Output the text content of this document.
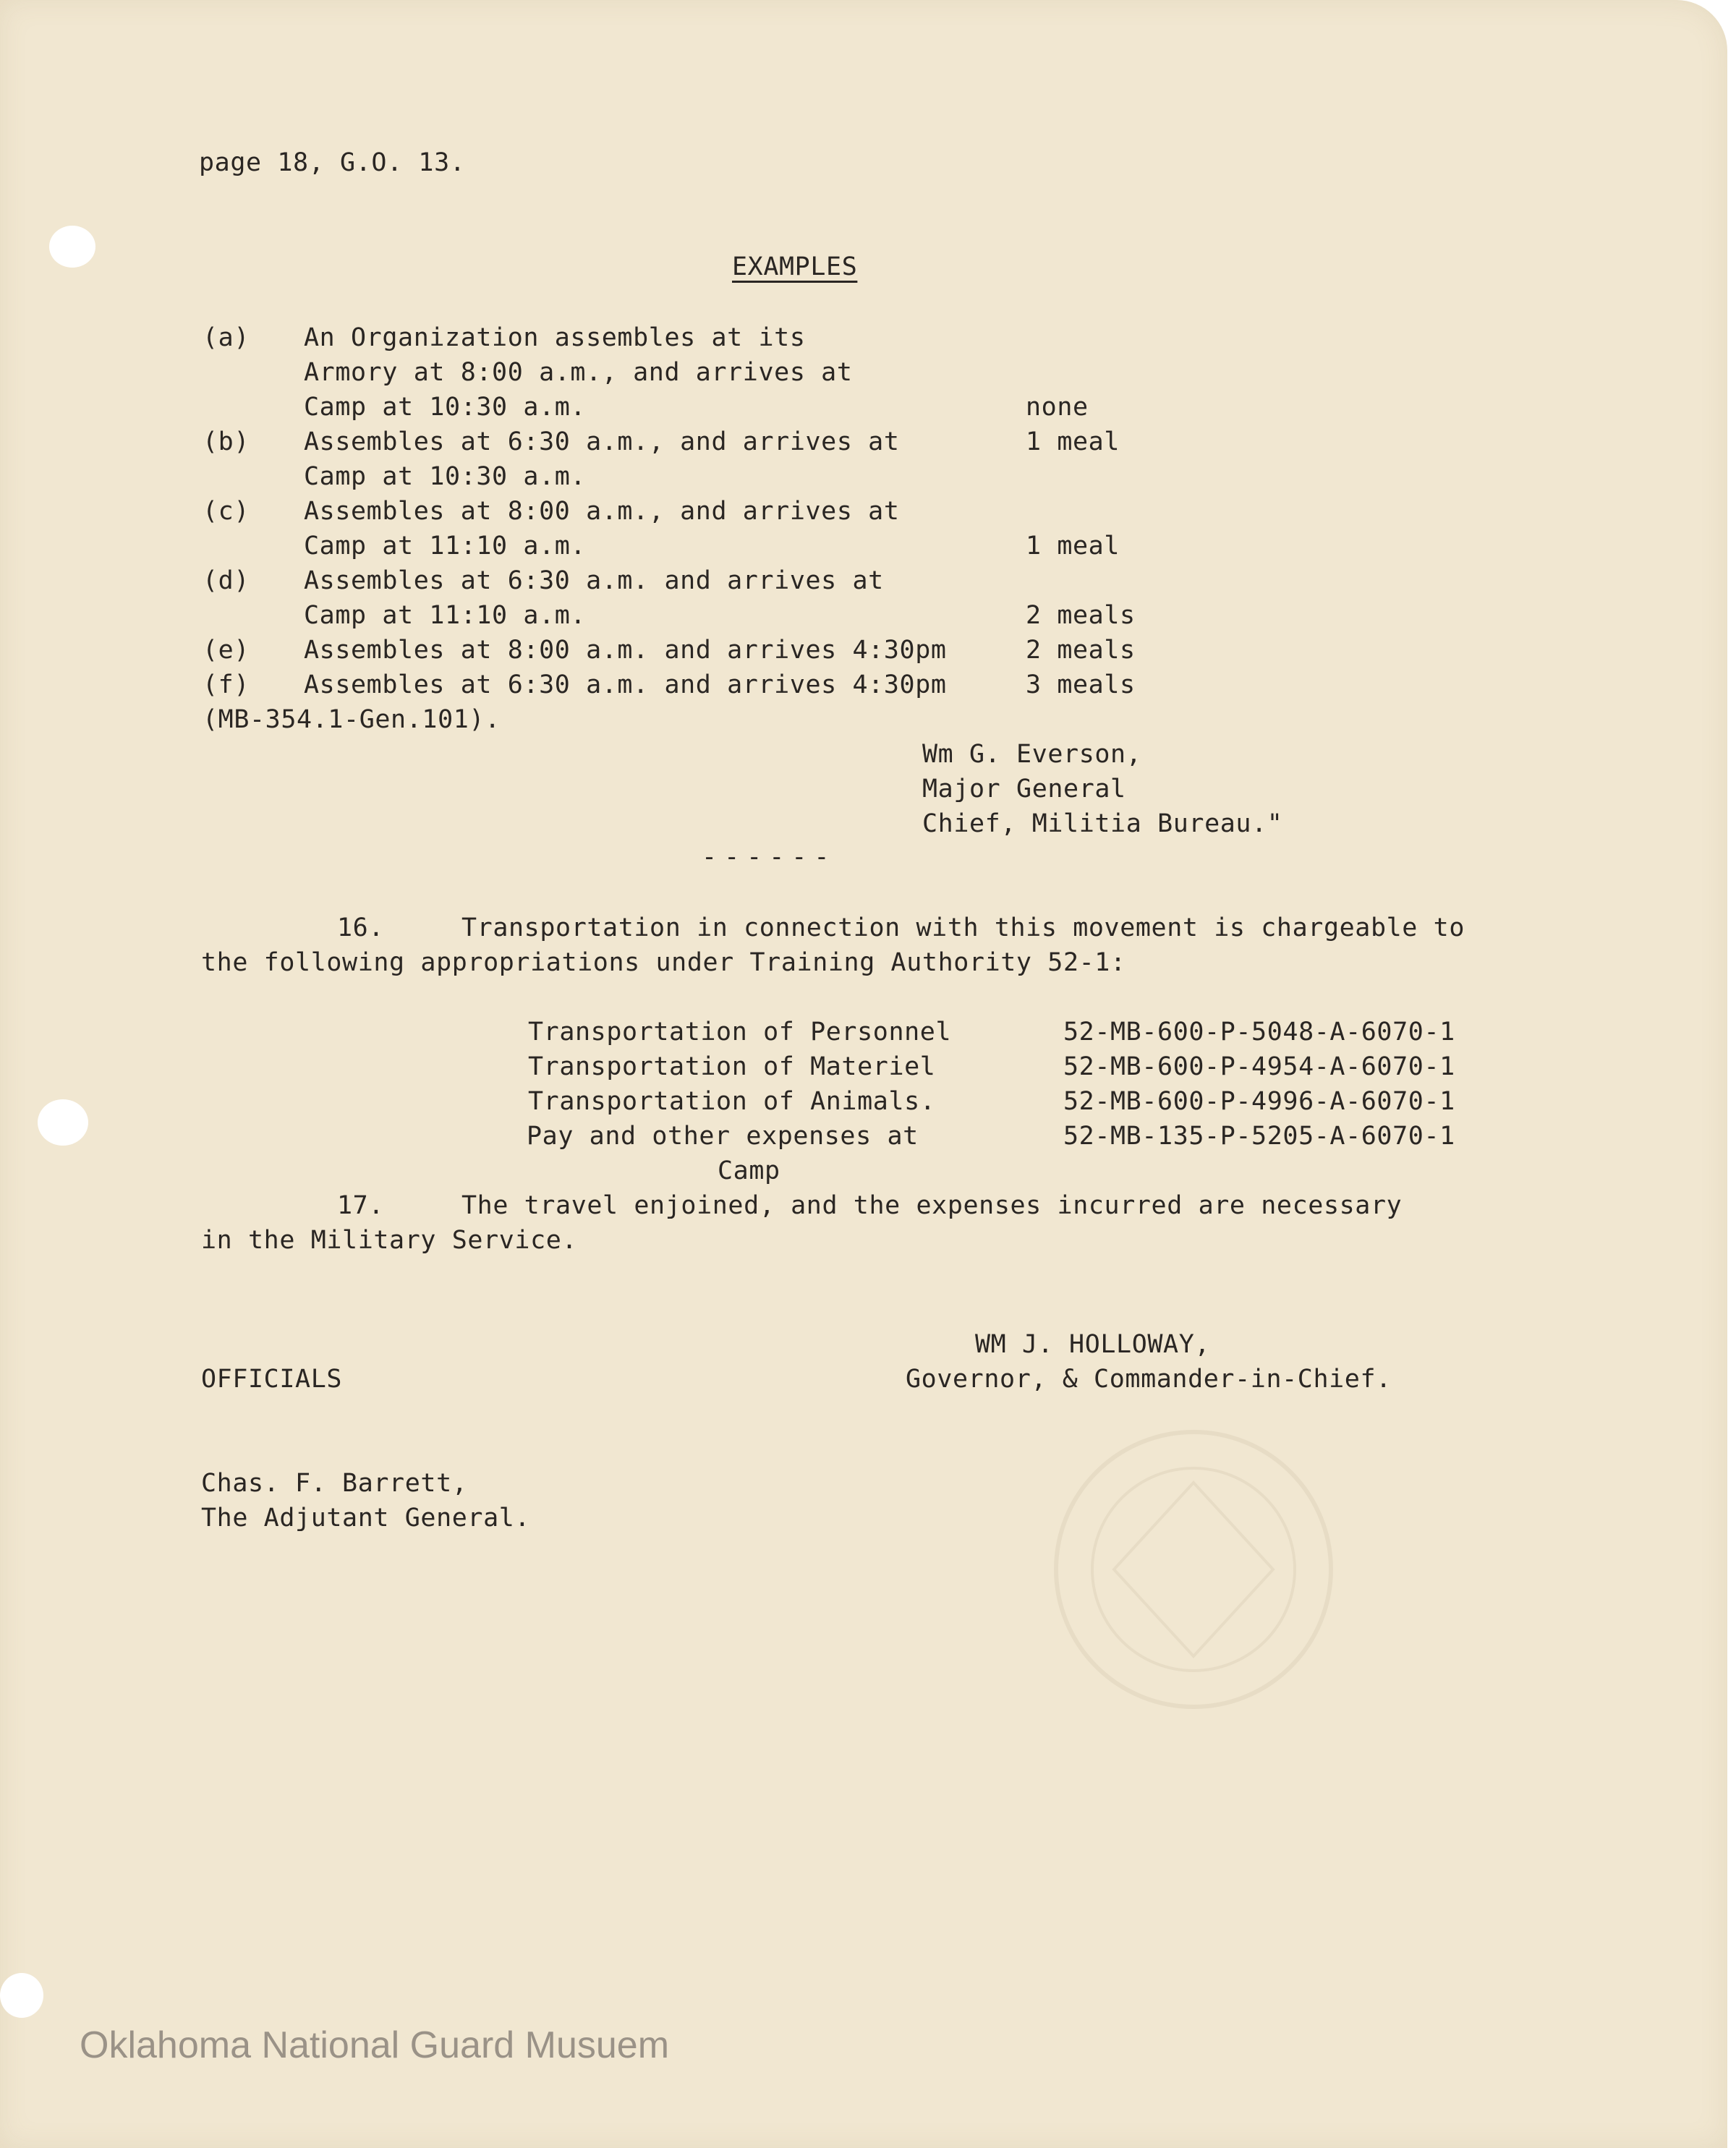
page 18, G.O. 13.
EXAMPLES
(a) An Organization assembles at its
Armory at 8:00 a.m., and arrives at
Camp at 10:30 a.m.	none
(b) Assembles at 6:30 a.m., and arrives at	1 meal
Camp at 10:30 a.m.
(c) Assembles at 8:00 a.m., and arrives at
Camp at 11:10 a.m.	1 meal
(d) Assembles at 6:30 a.m. and arrives at
Camp at 11:10 a.m.	2 meals
(e) Assembles at 8:00 a.m. and arrives 4:30pm	2 meals
(f) Assembles at 6:30 a.m. and arrives 4:30pm	3 meals
(MB-354.1-Gen.101).
Wm G. Everson,
Major General
Chief, Militia Bureau."
------
16.	Transportation in connection with this movement is chargeable to
the following appropriations under Training Authority 52-1:
Transportation of Personnel	52-MB-600-P-5048-A-6070-1
Transportation of Materiel	52-MB-600-P-4954-A-6070-1
Transportation of Animals.	52-MB-600-P-4996-A-6070-1
Pay and other expenses at	52-MB-135-P-5205-A-6070-1
Camp
17.	The travel enjoined, and the expenses incurred are necessary
in the Military Service.
WM J. HOLLOWAY,
OFFICIALS	Governor, & Commander-in-Chief.
Chas. F. Barrett,
The Adjutant General.
Oklahoma National Guard Musuem
